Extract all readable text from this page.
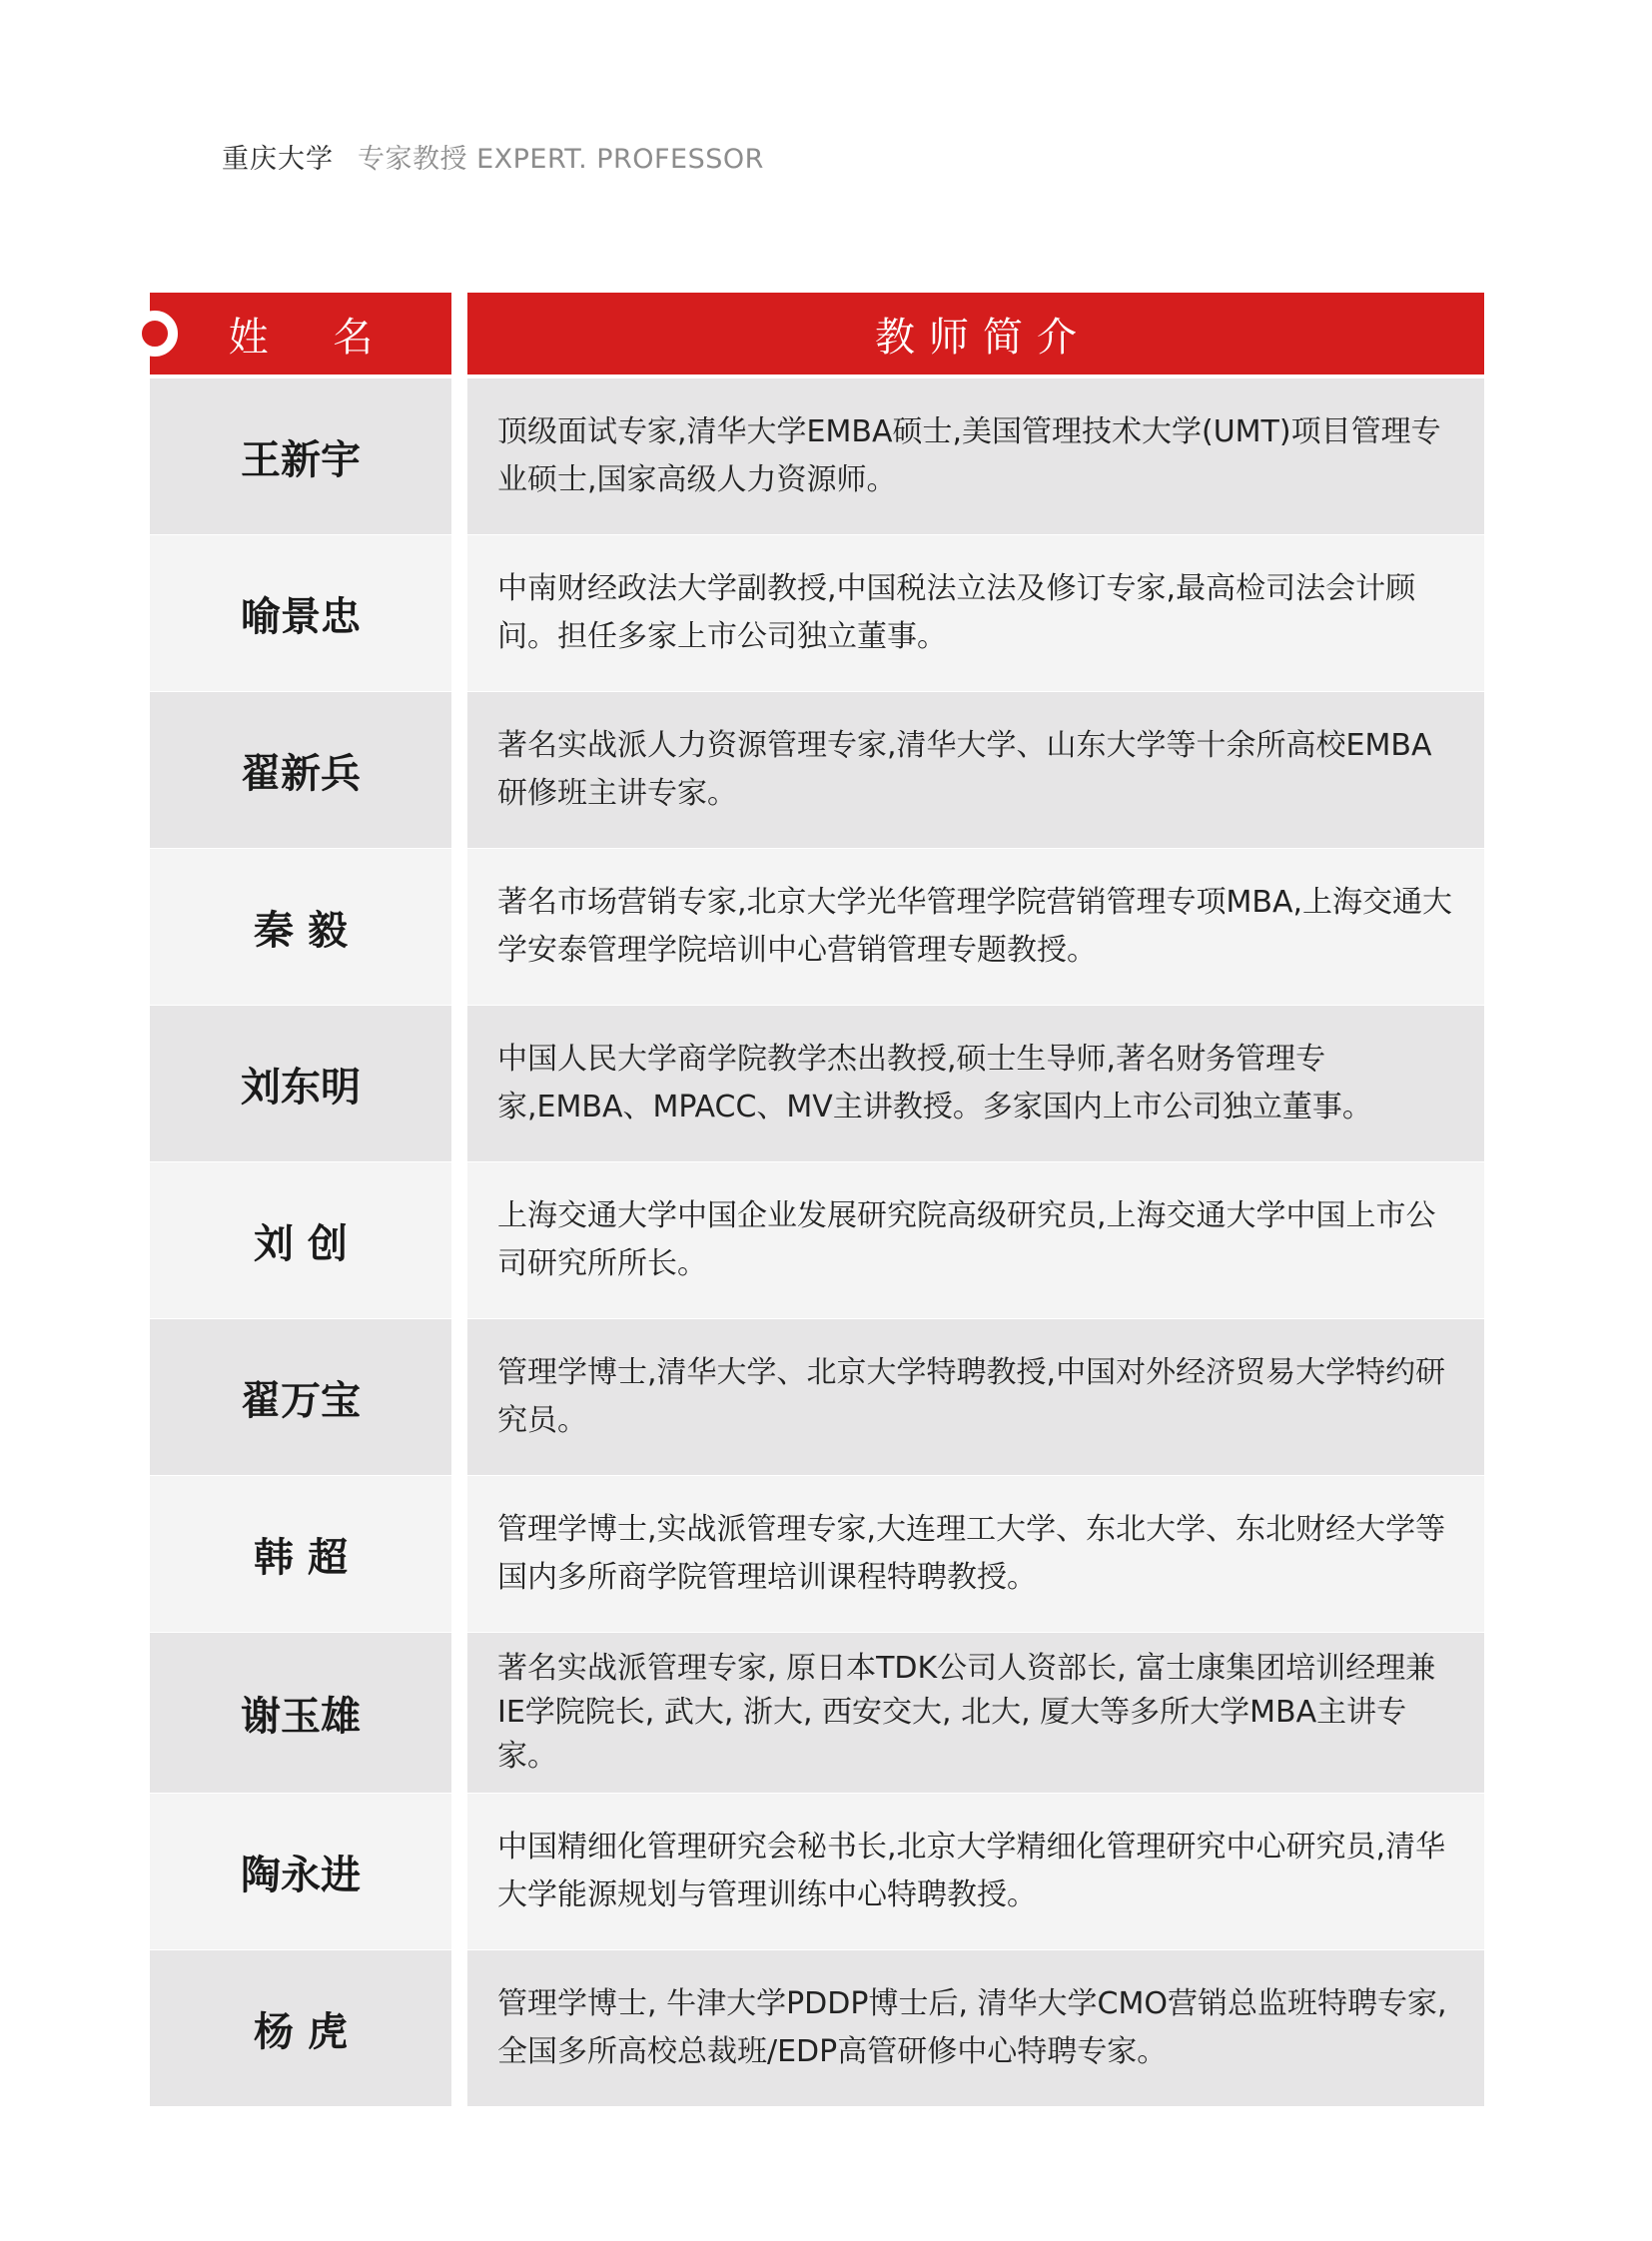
重庆大学 专家教授 EXPERT. PROFESSOR
姓 名	教师简介
王新宇
顶级面试专家,清华大学EMBA硕士,美国管理技术大学(UMT)项目管理专业硕士,国家高级人力资源师。
喻景忠
中南财经政法大学副教授,中国税法立法及修订专家,最高检司法会计顾问。担任多家上市公司独立董事。
翟新兵
著名实战派人力资源管理专家,清华大学、山东大学等十余所高校EMBA研修班主讲专家。
秦 毅
著名市场营销专家,北京大学光华管理学院营销管理专项MBA,上海交通大学安泰管理学院培训中心营销管理专题教授。
刘东明
中国人民大学商学院教学杰出教授,硕士生导师,著名财务管理专家,EMBA、MPACC、MV主讲教授。多家国内上市公司独立董事。
刘 创
上海交通大学中国企业发展研究院高级研究员,上海交通大学中国上市公司研究所所长。
翟万宝
管理学博士,清华大学、北京大学特聘教授,中国对外经济贸易大学特约研究员。
韩 超
管理学博士,实战派管理专家,大连理工大学、东北大学、东北财经大学等国内多所商学院管理培训课程特聘教授。
谢玉雄
著名实战派管理专家, 原日本TDK公司人资部长, 富士康集团培训经理兼IE学院院长, 武大, 浙大, 西安交大, 北大, 厦大等多所大学MBA主讲专家。
陶永进
中国精细化管理研究会秘书长,北京大学精细化管理研究中心研究员,清华大学能源规划与管理训练中心特聘教授。
杨 虎
管理学博士, 牛津大学PDDP博士后, 清华大学CMO营销总监班特聘专家, 全国多所高校总裁班/EDP高管研修中心特聘专家。
